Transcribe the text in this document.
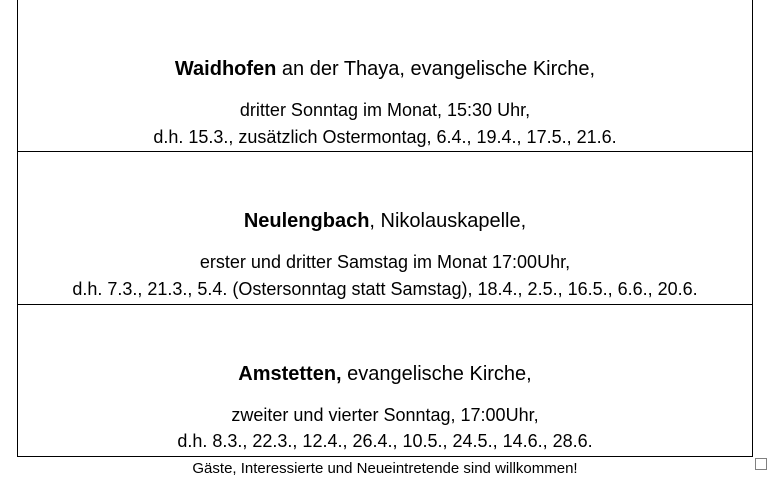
Waidhofen an der Thaya, evangelische Kirche,
dritter Sonntag im Monat, 15:30 Uhr,
d.h. 15.3., zusätzlich Ostermontag, 6.4., 19.4., 17.5., 21.6.
Neulengbach, Nikolauskapelle,
erster und dritter Samstag im Monat 17:00Uhr,
d.h. 7.3., 21.3., 5.4. (Ostersonntag statt Samstag), 18.4., 2.5., 16.5., 6.6., 20.6.
Amstetten, evangelische Kirche,
zweiter und vierter Sonntag, 17:00Uhr,
d.h. 8.3., 22.3., 12.4., 26.4., 10.5., 24.5., 14.6., 28.6.
Gäste, Interessierte und Neueintretende sind willkommen!
